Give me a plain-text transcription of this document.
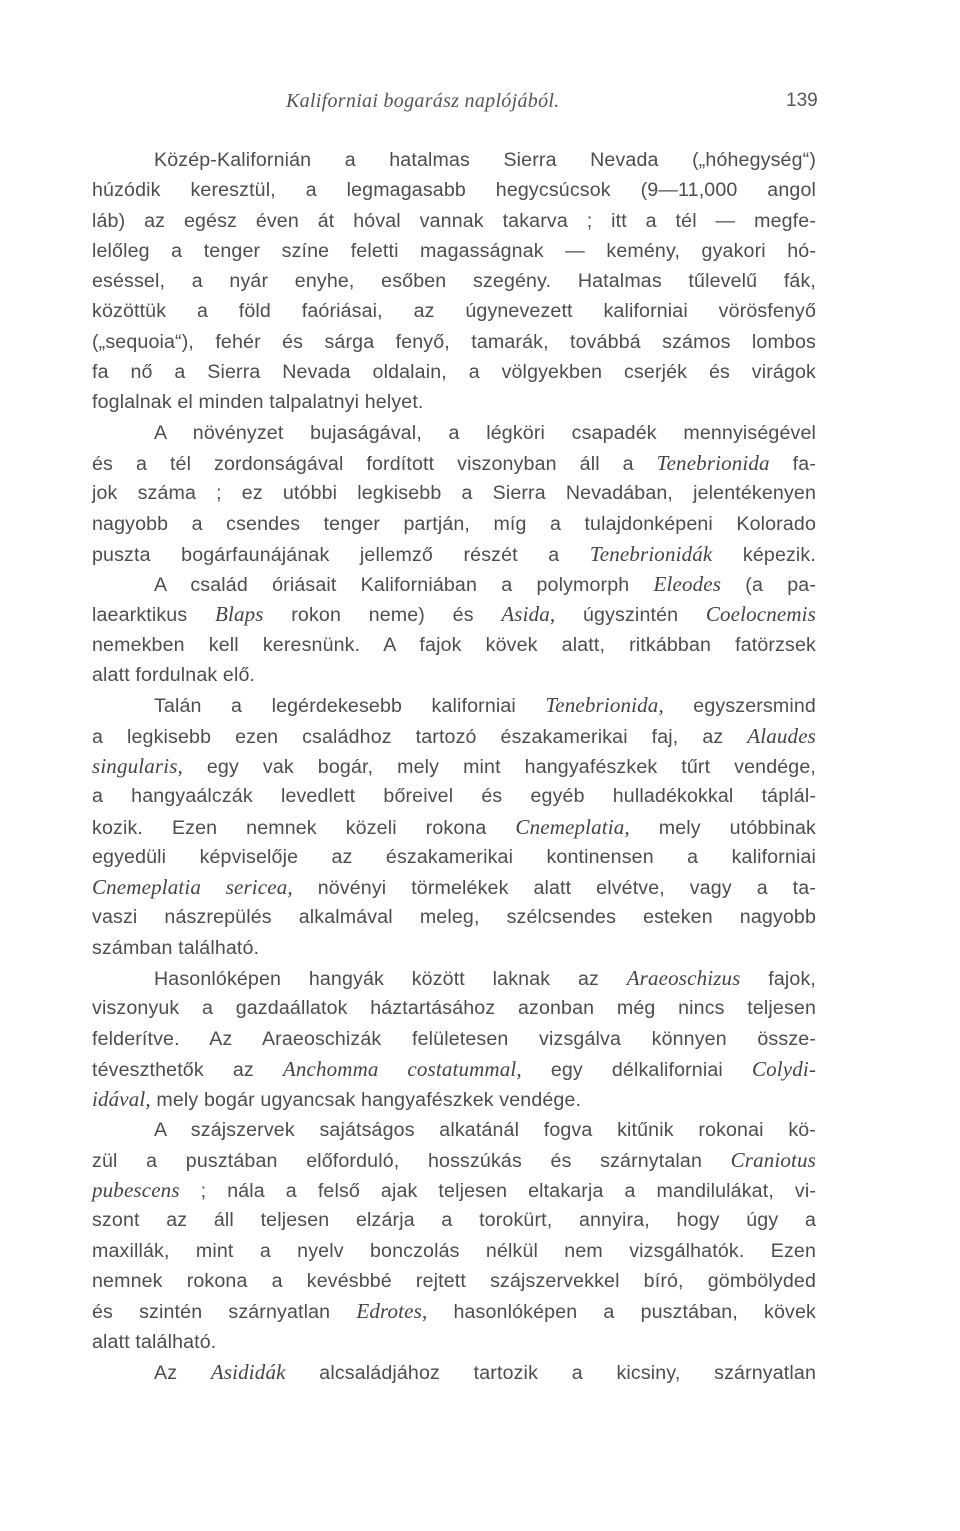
Kaliforniai bogarász naplójából.	139
Közép-Kalifornián a hatalmas Sierra Nevada („hóhegység“)
húzódik keresztül, a legmagasabb hegycsúcsok (9—11,000 angol
láb) az egész éven át hóval vannak takarva ; itt a tél — megfe-
lelőleg a tenger színe feletti magasságnak — kemény, gyakori hó-
eséssel, a nyár enyhe, esőben szegény. Hatalmas tűlevelű fák,
közöttük a föld faóriásai, az úgynevezett kaliforniai vörösfenyő
(„sequoia“), fehér és sárga fenyő, tamarák, továbbá számos lombos
fa nő a Sierra Nevada oldalain, a völgyekben cserjék és virágok
foglalnak el minden talpalatnyi helyet.
A növényzet bujaságával, a légköri csapadék mennyiségével
és a tél zordonságával fordított viszonyban áll a Tenebrionida fa-
jok száma ; ez utóbbi legkisebb a Sierra Nevadában, jelentékenyen
nagyobb a csendes tenger partján, míg a tulajdonképeni Kolorado
puszta bogárfaunájának jellemző részét a Tenebrionidák képezik.
A család óriásait Kaliforniában a polymorph Eleodes (a pa-
laearktikus Blaps rokon neme) és Asida, úgyszintén Coelocnemis
nemekben kell keresnünk. A fajok kövek alatt, ritkábban fatörzsek
alatt fordulnak elő.
Talán a legérdekesebb kaliforniai Tenebrionida, egyszersmind
a legkisebb ezen családhoz tartozó északamerikai faj, az Alaudes
singularis, egy vak bogár, mely mint hangyafészkek tűrt vendége,
a hangyaálczák levedlett bőreivel és egyéb hulladékokkal táplál-
kozik. Ezen nemnek közeli rokona Cnemeplatia, mely utóbbinak
egyedüli képviselője az északamerikai kontinensen a kaliforniai
Cnemeplatia sericea, növényi törmelékek alatt elvétve, vagy a ta-
vaszi nászrepülés alkalmával meleg, szélcsendes esteken nagyobb
számban található.
Hasonlóképen hangyák között laknak az Araeoschizus fajok,
viszonyuk a gazdaállatok háztartásához azonban még nincs teljesen
felderítve. Az Araeoschizák felületesen vizsgálva könnyen össze-
téveszthetők az Anchomma costatummal, egy délkaliforniai Colydi-
idával, mely bogár ugyancsak hangyafészkek vendége.
A szájszervek sajátságos alkatánál fogva kitűnik rokonai kö-
zül a pusztában előforduló, hosszúkás és szárnytalan Craniotus
pubescens ; nála a felső ajak teljesen eltakarja a mandilulákat, vi-
szont az áll teljesen elzárja a torokürt, annyira, hogy úgy a
maxillák, mint a nyelv bonczolás nélkül nem vizsgálhatók. Ezen
nemnek rokona a kevésbbé rejtett szájszervekkel bíró, gömbölyded
és szintén szárnyatlan Edrotes, hasonlóképen a pusztában, kövek
alatt található.
Az Asididák alcsaládjához tartozik a kicsiny, szárnyatlan
